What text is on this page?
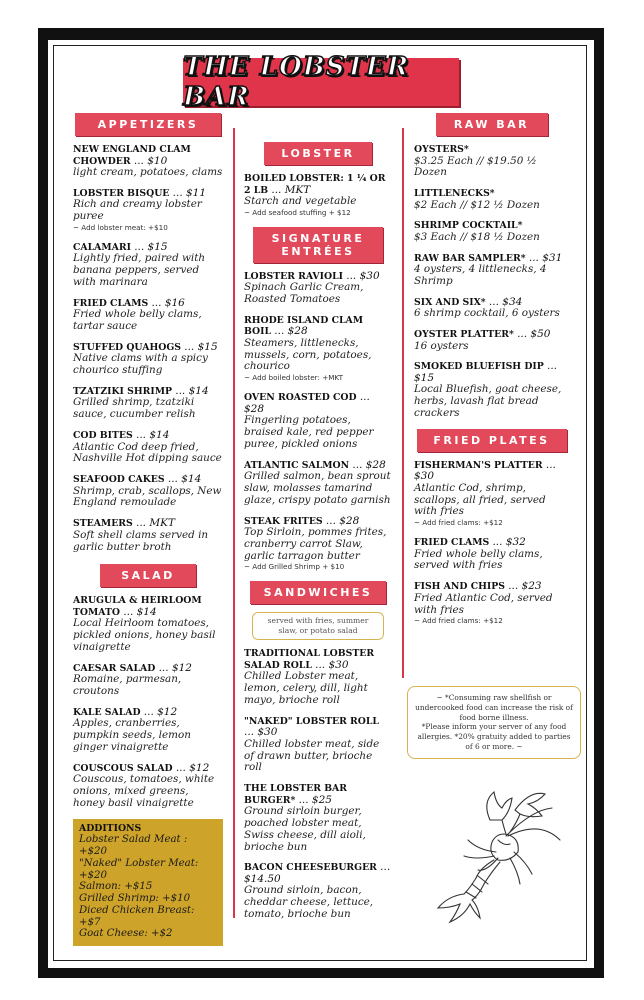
THE LOBSTER BAR
APPETIZERS
NEW ENGLAND CLAM CHOWDER ... $10
light cream, potatoes, clams
LOBSTER BISQUE ... $11
Rich and creamy lobster puree
~ Add lobster meat: +$10
CALAMARI ... $15
Lightly fried, paired with banana peppers, served with marinara
FRIED CLAMS ... $16
Fried whole belly clams, tartar sauce
STUFFED QUAHOGS ... $15
Native clams with a spicy chourico stuffing
TZATZIKI SHRIMP ... $14
Grilled shrimp, tzatziki sauce, cucumber relish
COD BITES ... $14
Atlantic Cod deep fried, Nashville Hot dipping sauce
SEAFOOD CAKES ... $14
Shrimp, crab, scallops, New England remoulade
STEAMERS ... MKT
Soft shell clams served in garlic butter broth
SALAD
ARUGULA & HEIRLOOM TOMATO ... $14
Local Heirloom tomatoes, pickled onions, honey basil vinaigrette
CAESAR SALAD ... $12
Romaine, parmesan, croutons
KALE SALAD ... $12
Apples, cranberries, pumpkin seeds, lemon ginger vinaigrette
COUSCOUS SALAD ... $12
Couscous, tomatoes, white onions, mixed greens, honey basil vinaigrette
ADDITIONS
Lobster Salad Meat : +$20
"Naked" Lobster Meat: +$20
Salmon: +$15
Grilled Shrimp: +$10
Diced Chicken Breast: +$7
Goat Cheese: +$2
LOBSTER
BOILED LOBSTER: 1 ¼ OR 2 LB ... MKT
Starch and vegetable
~ Add seafood stuffing + $12
SIGNATURE
ENTRÉES
LOBSTER RAVIOLI ... $30
Spinach Garlic Cream, Roasted Tomatoes
RHODE ISLAND CLAM BOIL ... $28
Steamers, littlenecks, mussels, corn, potatoes, chourico
~ Add boiled lobster: +MKT
OVEN ROASTED COD ... $28
Fingerling potatoes, braised kale, red pepper puree, pickled onions
ATLANTIC SALMON ... $28
Grilled salmon, bean sprout slaw, molasses tamarind glaze, crispy potato garnish
STEAK FRITES ... $28
Top Sirloin, pommes frites, cranberry carrot Slaw, garlic tarragon butter
~ Add Grilled Shrimp + $10
SANDWICHES
served with fries, summer slaw, or potato salad
TRADITIONAL LOBSTER SALAD ROLL ... $30
Chilled Lobster meat, lemon, celery, dill, light mayo, brioche roll
"NAKED" LOBSTER ROLL ... $30
Chilled lobster meat, side of drawn butter, brioche roll
THE LOBSTER BAR BURGER* ... $25
Ground sirloin burger, poached lobster meat, Swiss cheese, dill aioli, brioche bun
BACON CHEESEBURGER ... $14.50
Ground sirloin, bacon, cheddar cheese, lettuce, tomato, brioche bun
RAW BAR
OYSTERS*
$3.25 Each // $19.50 ½ Dozen
LITTLENECKS*
$2 Each // $12 ½ Dozen
SHRIMP COCKTAIL*
$3 Each // $18 ½ Dozen
RAW BAR SAMPLER* ... $31
4 oysters, 4 littlenecks, 4 Shrimp
SIX AND SIX* ... $34
6 shrimp cocktail, 6 oysters
OYSTER PLATTER* ... $50
16 oysters
SMOKED BLUEFISH DIP ... $15
Local Bluefish, goat cheese, herbs, lavash flat bread crackers
FRIED PLATES
FISHERMAN'S PLATTER ... $30
Atlantic Cod, shrimp, scallops, all fried, served with fries
~ Add fried clams: +$12
FRIED CLAMS ... $32
Fried whole belly clams, served with fries
FISH AND CHIPS ... $23
Fried Atlantic Cod, served with fries
~ Add fried clams: +$12
~ *Consuming raw shellfish or undercooked food can increase the risk of food borne illness.
*Please inform your server of any food allergies. *20% gratuity added to parties of 6 or more. ~
